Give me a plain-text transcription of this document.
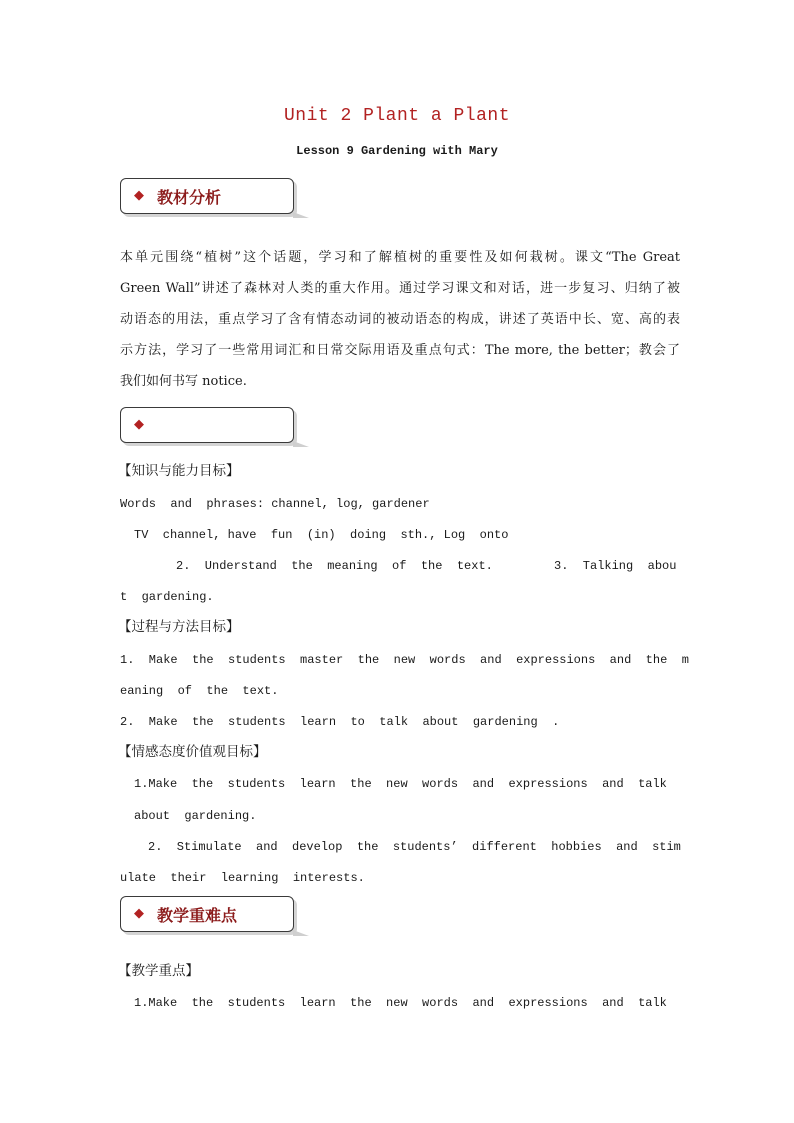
Unit 2 Plant a Plant
Lesson 9 Gardening with Mary
◆ 教材分析
本单元围绕“植树”这个话题，学习和了解植树的重要性及如何栽树。课文“The Great
Green Wall”讲述了森林对人类的重大作用。通过学习课文和对话，进一步复习、归纳了被
动语态的用法，重点学习了含有情态动词的被动语态的构成，讲述了英语中长、宽、高的表
示方法，学习了一些常用词汇和日常交际用语及重点句式：The more, the better；教会了
我们如何书写 notice.
◆
【知识与能力目标】
Words  and  phrases: channel, log, gardener
TV  channel, have  fun  (in)  doing  sth., Log  onto
2.  Understand  the  meaning  of  the  text.	3.  Talking  abou
t  gardening.
【过程与方法目标】
1.  Make  the  students  master  the  new  words  and  expressions  and  the  m
eaning  of  the  text.
2.  Make  the  students  learn  to  talk  about  gardening  .
【情感态度价值观目标】
1.Make  the  students  learn  the  new  words  and  expressions  and  talk
about  gardening.
2.  Stimulate  and  develop  the  students’  different  hobbies  and  stim
ulate  their  learning  interests.
◆ 教学重难点
【教学重点】
1.Make  the  students  learn  the  new  words  and  expressions  and  talk
